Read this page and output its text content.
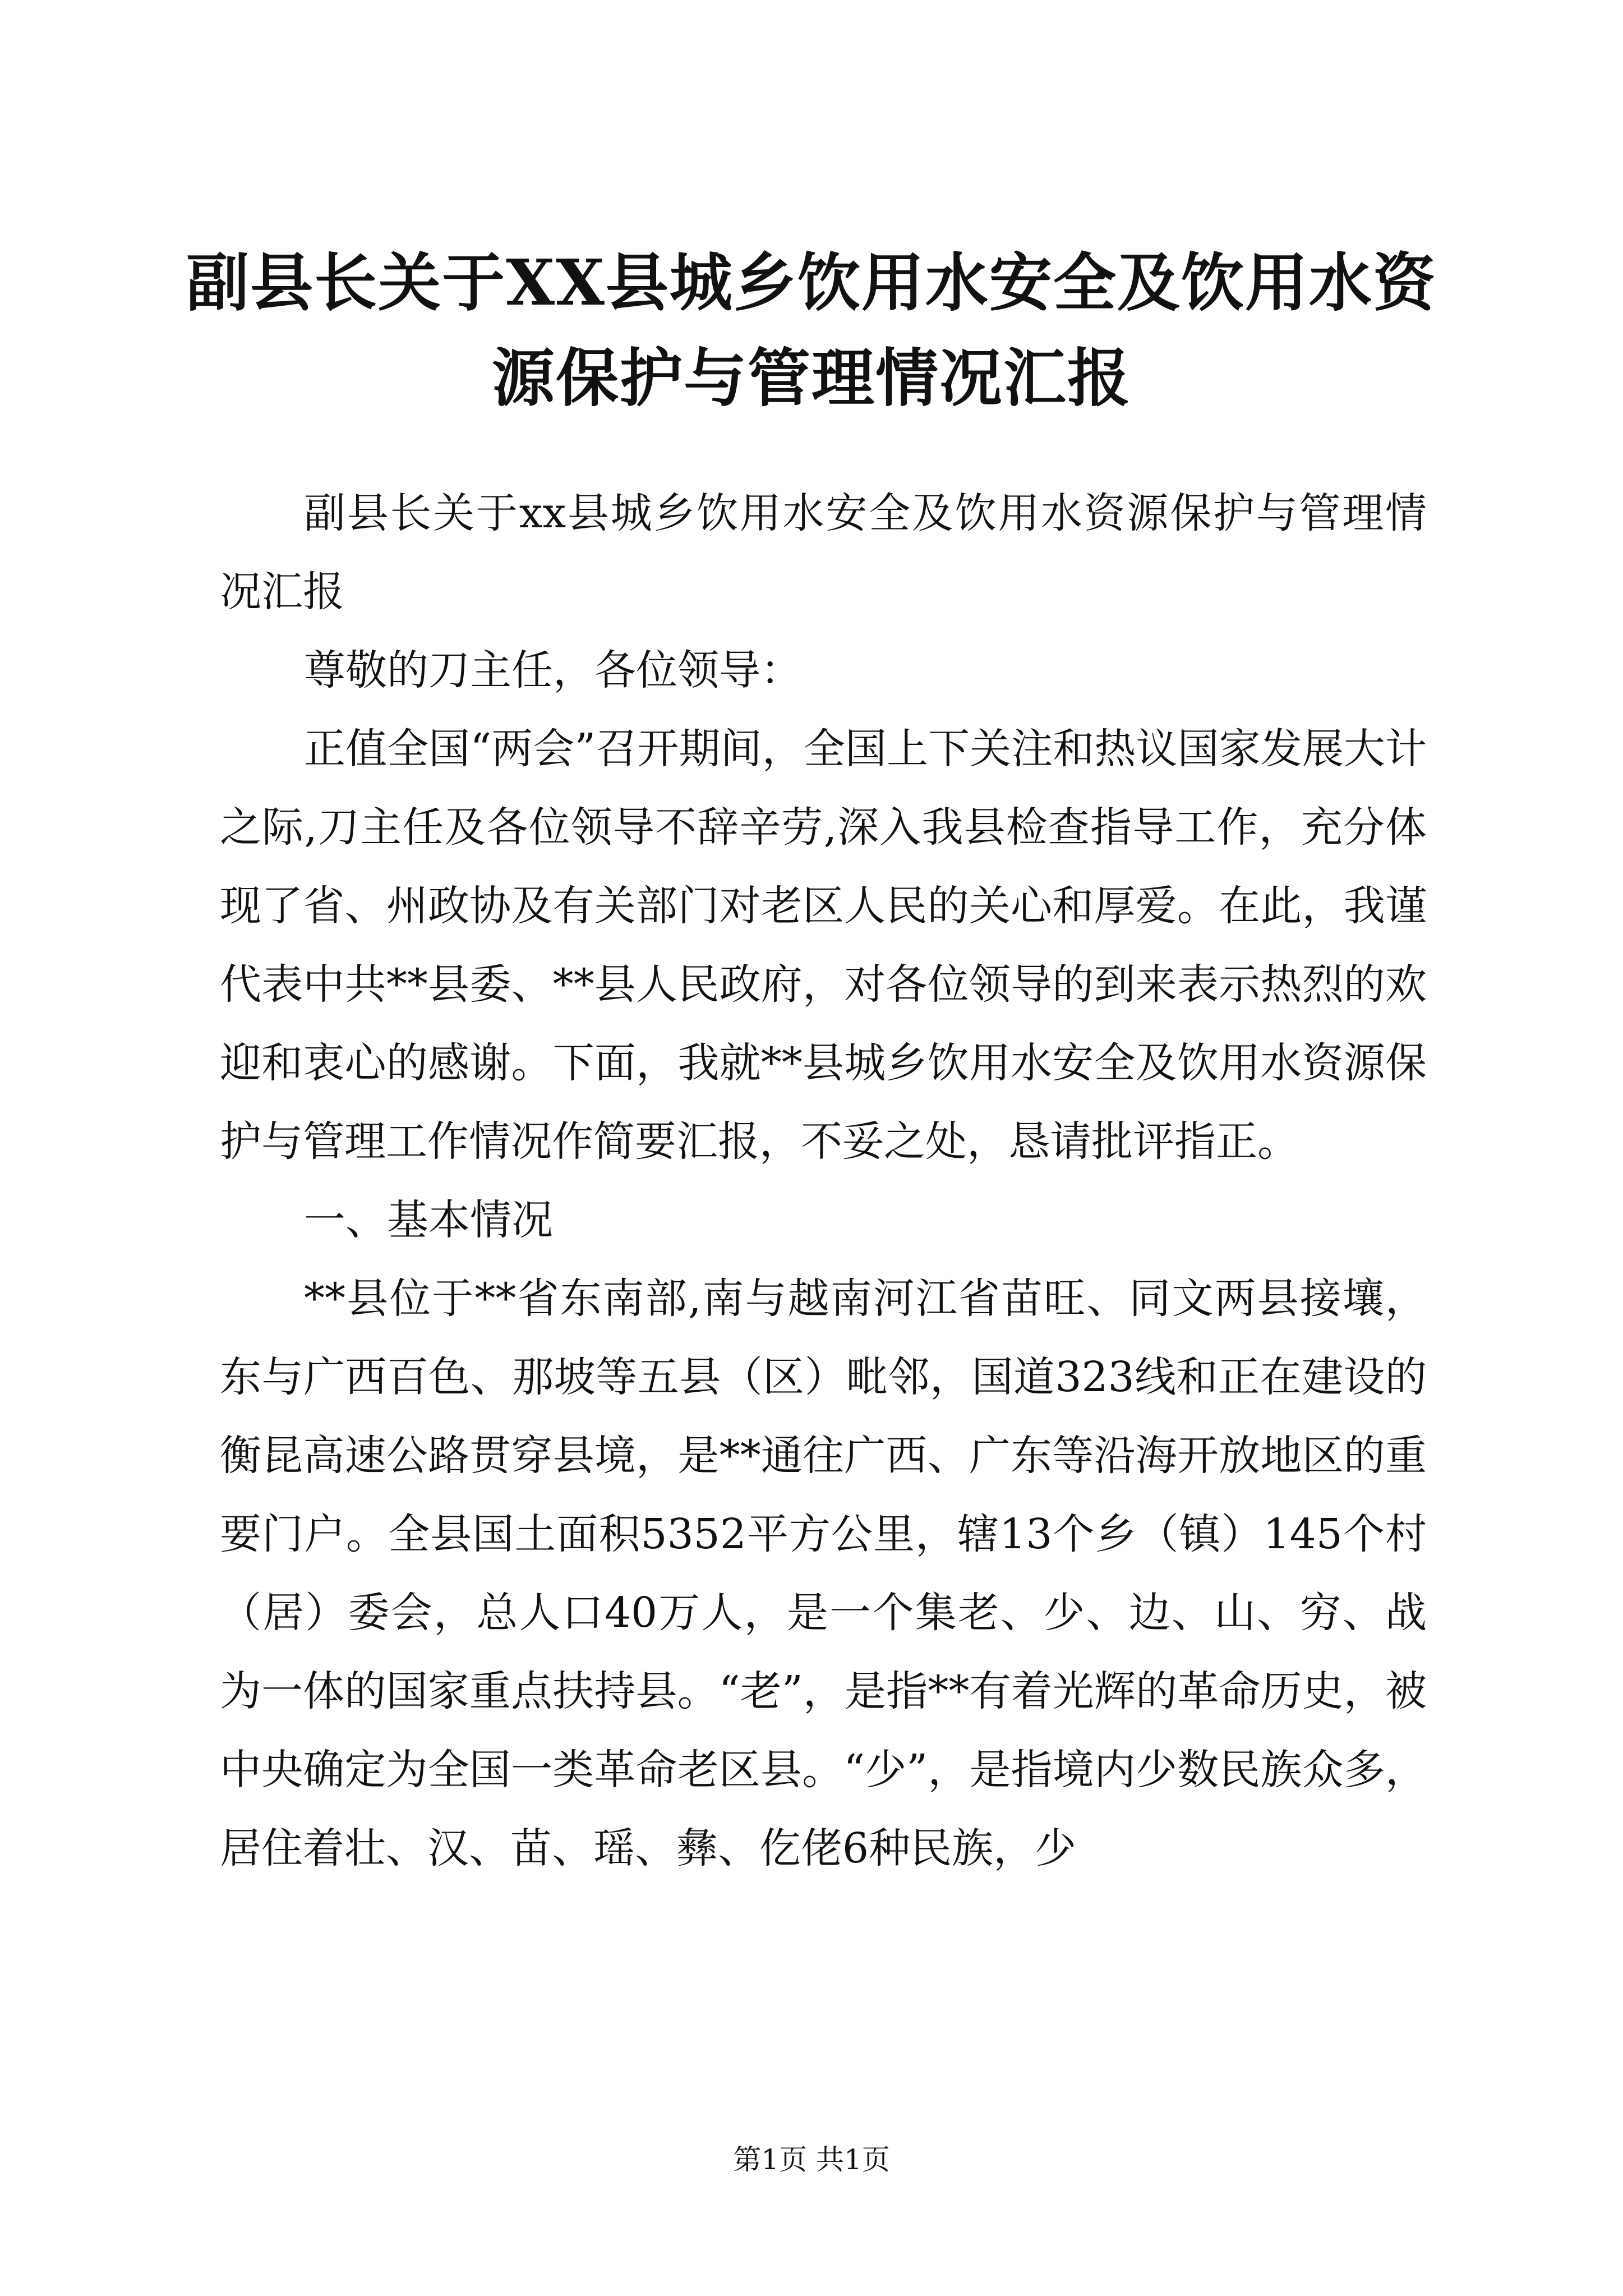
副县长关于XX县城乡饮用水安全及饮用水资源保护与管理情况汇报

副县长关于xx县城乡饮用水安全及饮用水资源保护与管理情况汇报

尊敬的刀主任，各位领导：

正值全国“两会”召开期间，全国上下关注和热议国家发展大计之际,刀主任及各位领导不辞辛劳,深入我县检查指导工作，充分体现了省、州政协及有关部门对老区人民的关心和厚爱。在此，我谨代表中共**县委、**县人民政府，对各位领导的到来表示热烈的欢迎和衷心的感谢。下面，我就**县城乡饮用水安全及饮用水资源保护与管理工作情况作简要汇报，不妥之处，恳请批评指正。

一、基本情况

**县位于**省东南部,南与越南河江省苗旺、同文两县接壤，东与广西百色、那坡等五县（区）毗邻，国道323线和正在建设的衡昆高速公路贯穿县境，是**通往广西、广东等沿海开放地区的重要门户。全县国土面积5352平方公里，辖13个乡（镇）145个村（居）委会，总人口40万人，是一个集老、少、边、山、穷、战为一体的国家重点扶持县。“老”，是指**有着光辉的革命历史，被中央确定为全国一类革命老区县。“少”，是指境内少数民族众多，居住着壮、汉、苗、瑶、彝、仡佬6种民族，少

第1页 共1页
